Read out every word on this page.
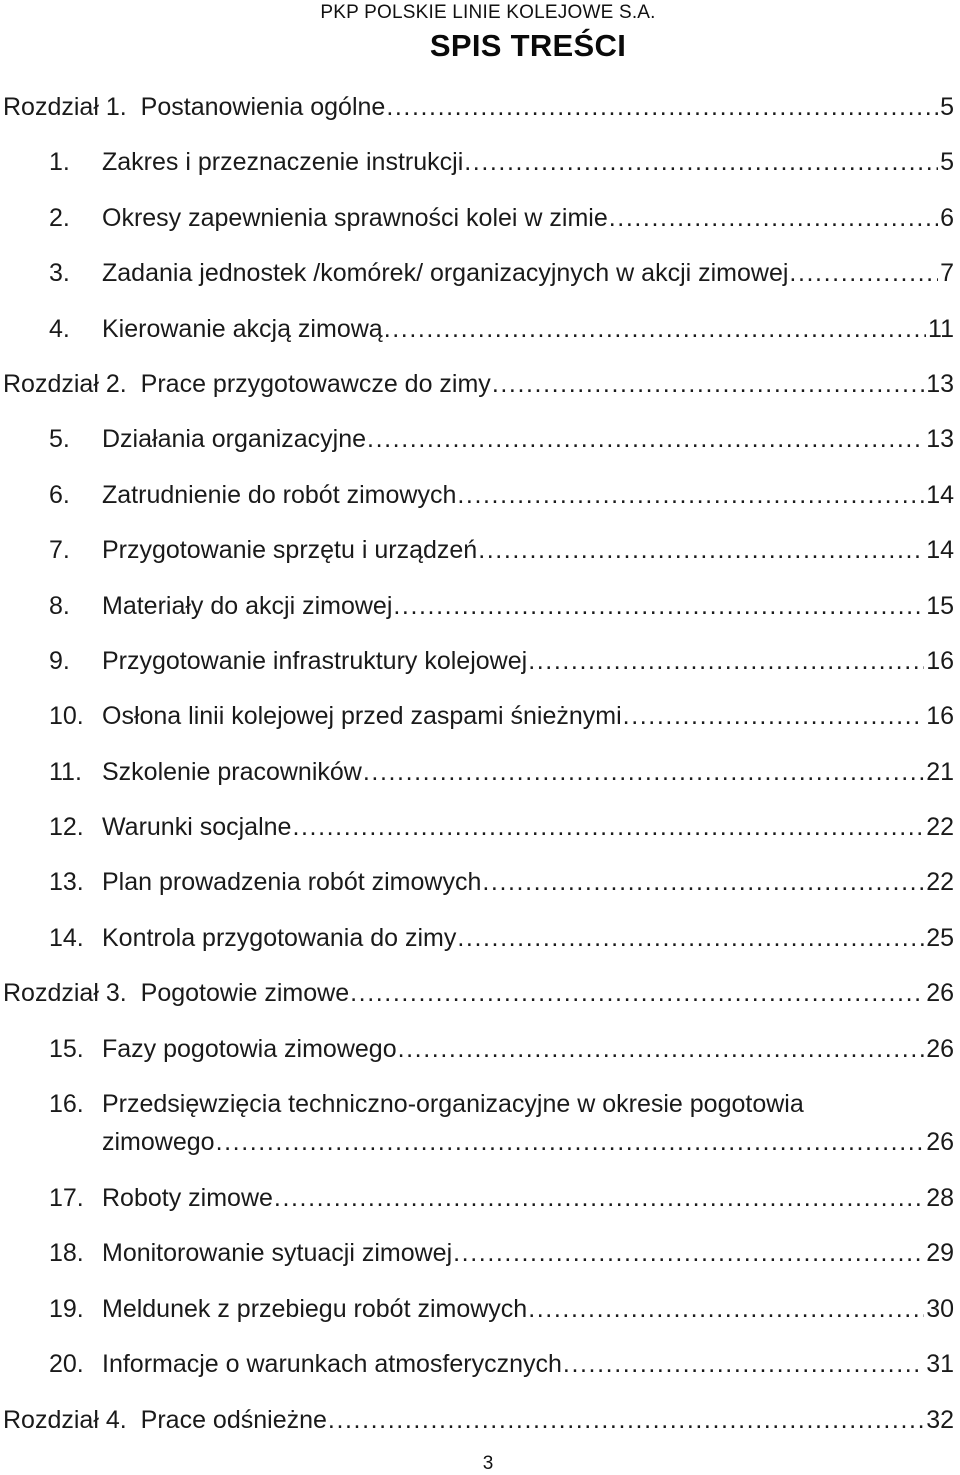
PKP POLSKIE LINIE KOLEJOWE S.A.
SPIS TREŚCI
Rozdział 1. Postanowienia ogólne .....	5
1. Zakres i przeznaczenie instrukcji .....	5
2. Okresy zapewnienia sprawności kolei w zimie .....	6
3. Zadania jednostek /komórek/ organizacyjnych w akcji zimowej .....	7
4. Kierowanie akcją zimową .....	11
Rozdział 2. Prace przygotowawcze do zimy .....	13
5. Działania organizacyjne .....	13
6. Zatrudnienie do robót zimowych .....	14
7. Przygotowanie sprzętu i urządzeń .....	14
8. Materiały do akcji zimowej .....	15
9. Przygotowanie infrastruktury kolejowej .....	16
10. Osłona linii kolejowej przed zaspami śnieżnymi .....	16
11. Szkolenie pracowników .....	21
12. Warunki socjalne .....	22
13. Plan prowadzenia robót zimowych .....	22
14. Kontrola przygotowania do zimy .....	25
Rozdział 3. Pogotowie zimowe .....	26
15. Fazy pogotowia zimowego .....	26
16. Przedsięwzięcia techniczno-organizacyjne w okresie pogotowia
zimowego .....	26
17. Roboty zimowe .....	28
18. Monitorowanie sytuacji zimowej .....	29
19. Meldunek z przebiegu robót zimowych .....	30
20. Informacje o warunkach atmosferycznych .....	31
Rozdział 4. Prace odśnieżne .....	32
3
